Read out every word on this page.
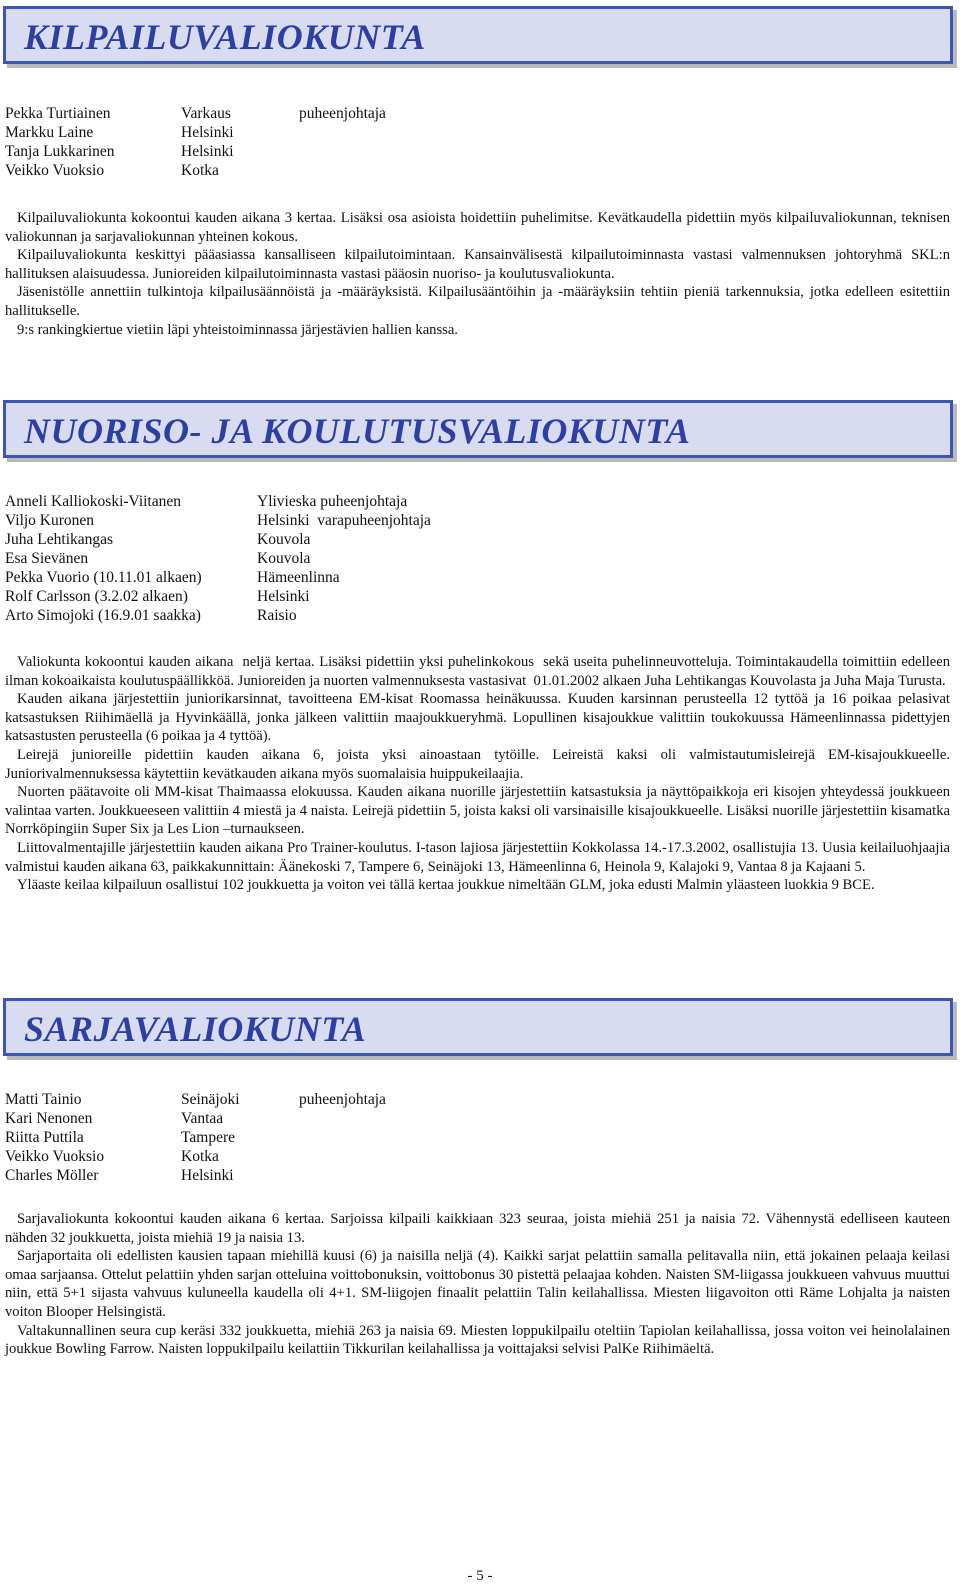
KILPAILUVALIOKUNTA
Pekka Turtiainen	Varkaus	puheenjohtaja
Markku Laine	Helsinki	
Tanja Lukkarinen	Helsinki	
Veikko Vuoksio	Kotka	

Kilpailuvaliokunta kokoontui kauden aikana 3 kertaa. Lisäksi osa asioista hoidettiin puhelimitse. Kevätkaudella pidettiin myös kilpailuvaliokunnan, teknisen valiokunnan ja sarjavaliokunnan yhteinen kokous.

Kilpailuvaliokunta keskittyi pääasiassa kansalliseen kilpailutoimintaan. Kansainvälisestä kilpailutoiminnasta vastasi valmennuksen johtoryhmä SKL:n hallituksen alaisuudessa. Junioreiden kilpailutoiminnasta vastasi pääosin nuoriso- ja koulutusvaliokunta.

Jäsenistölle annettiin tulkintoja kilpailusäännöistä ja -määräyksistä. Kilpailusääntöihin ja -määräyksiin tehtiin pieniä tarkennuksia, jotka edelleen esitettiin hallitukselle.

9:s rankingkiertue vietiin läpi yhteistoiminnassa järjestävien hallien kanssa.

NUORISO- JA KOULUTUSVALIOKUNTA
Anneli Kalliokoski-Viitanen	Ylivieska puheenjohtaja
Viljo Kuronen	Helsinki  varapuheenjohtaja
Juha Lehtikangas	Kouvola
Esa Sievänen	Kouvola
Pekka Vuorio (10.11.01 alkaen)	Hämeenlinna
Rolf Carlsson (3.2.02 alkaen)	Helsinki
Arto Simojoki (16.9.01 saakka)	Raisio

Valiokunta kokoontui kauden aikana  neljä kertaa. Lisäksi pidettiin yksi puhelinkokous  sekä useita puhelinneuvotteluja. Toimintakaudella toimittiin edelleen ilman kokoaikaista koulutuspäällikköä. Junioreiden ja nuorten valmennuksesta vastasivat  01.01.2002 alkaen Juha Lehtikangas Kouvolasta ja Juha Maja Turusta.

Kauden aikana järjestettiin juniorikarsinnat, tavoitteena EM-kisat Roomassa heinäkuussa. Kuuden karsinnan perusteella 12 tyttöä ja 16 poikaa pelasivat katsastuksen Riihimäellä ja Hyvinkäällä, jonka jälkeen valittiin maajoukkueryhmä. Lopullinen kisajoukkue valittiin toukokuussa Hämeenlinnassa pidettyjen katsastusten perusteella (6 poikaa ja 4 tyttöä).

Leirejä junioreille pidettiin kauden aikana 6, joista yksi ainoastaan tytöille. Leireistä kaksi oli valmistautumisleirejä EM-kisajoukkueelle. Juniorivalmennuksessa käytettiin kevätkauden aikana myös suomalaisia huippukeilaajia.

Nuorten päätavoite oli MM-kisat Thaimaassa elokuussa. Kauden aikana nuorille järjestettiin katsastuksia ja näyttöpaikkoja eri kisojen yhteydessä joukkueen valintaa varten. Joukkueeseen valittiin 4 miestä ja 4 naista. Leirejä pidettiin 5, joista kaksi oli varsinaisille kisajoukkueelle. Lisäksi nuorille järjestettiin kisamatka Norrköpingiin Super Six ja Les Lion –turnaukseen.

Liittovalmentajille järjestettiin kauden aikana Pro Trainer-koulutus. I-tason lajiosa järjestettiin Kokkolassa 14.-17.3.2002, osallistujia 13. Uusia keilailuohjaajia valmistui kauden aikana 63, paikkakunnittain: Äänekoski 7, Tampere 6, Seinäjoki 13, Hämeenlinna 6, Heinola 9, Kalajoki 9, Vantaa 8 ja Kajaani 5.

Yläaste keilaa kilpailuun osallistui 102 joukkuetta ja voiton vei tällä kertaa joukkue nimeltään GLM, joka edusti Malmin yläasteen luokkia 9 BCE.

SARJAVALIOKUNTA
Matti Tainio	Seinäjoki	puheenjohtaja
Kari Nenonen	Vantaa	
Riitta Puttila	Tampere	
Veikko Vuoksio	Kotka	
Charles Möller	Helsinki	

Sarjavaliokunta kokoontui kauden aikana 6 kertaa. Sarjoissa kilpaili kaikkiaan 323 seuraa, joista miehiä 251 ja naisia 72. Vähennystä edelliseen kauteen nähden 32 joukkuetta, joista miehiä 19 ja naisia 13.

Sarjaportaita oli edellisten kausien tapaan miehillä kuusi (6) ja naisilla neljä (4). Kaikki sarjat pelattiin samalla pelitavalla niin, että jokainen pelaaja keilasi omaa sarjaansa. Ottelut pelattiin yhden sarjan otteluina voittobonuksin, voittobonus 30 pistettä pelaajaa kohden. Naisten SM-liigassa joukkueen vahvuus muuttui niin, että 5+1 sijasta vahvuus kuluneella kaudella oli 4+1. SM-liigojen finaalit pelattiin Talin keilahallissa. Miesten liigavoiton otti Räme Lohjalta ja naisten voiton Blooper Helsingistä.

Valtakunnallinen seura cup keräsi 332 joukkuetta, miehiä 263 ja naisia 69. Miesten loppukilpailu oteltiin Tapiolan keilahallissa, jossa voiton vei heinolalainen joukkue Bowling Farrow. Naisten loppukilpailu keilattiin Tikkurilan keilahallissa ja voittajaksi selvisi PalKe Riihimäeltä.

- 5 -
